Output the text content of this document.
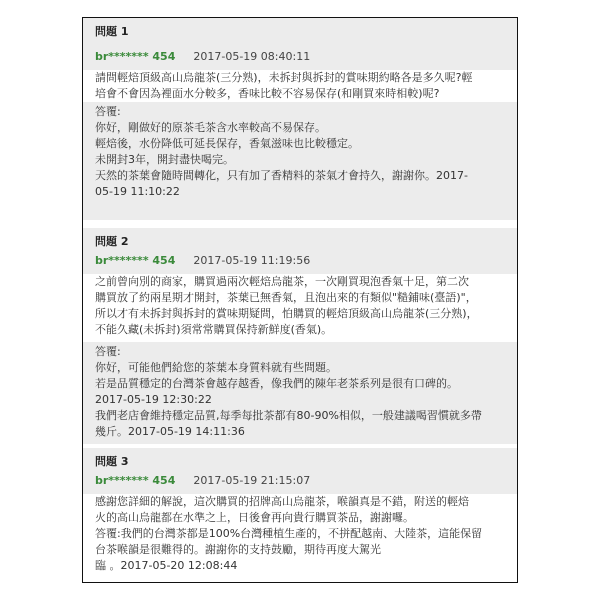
問題 1
br******* 454 2017-05-19 08:40:11
請問輕焙頂級高山烏龍茶(三分熟)，未拆封與拆封的賞味期約略各是多久呢?輕
培會不會因為裡面水分較多，香味比較不容易保存(和剛買來時相較)呢?
答覆:
你好，剛做好的原茶毛茶含水率較高不易保存。
輕焙後，水份降低可延長保存，香氣滋味也比較穩定。
未開封3年，開封盡快喝完。
天然的茶葉會隨時間轉化，只有加了香精料的茶氣才會持久，謝謝你。2017-
05-19 11:10:22
問題 2
br******* 454 2017-05-19 11:19:56
之前曾向別的商家，購買過兩次輕焙烏龍茶，一次剛買現泡香氣十足，第二次
購買放了約兩星期才開封，茶葉已無香氣，且泡出來的有類似"糙鋪味(臺語)"，
所以才有未拆封與拆封的賞味期疑問，怕購買的輕焙頂級高山烏龍茶(三分熟)，
不能久藏(未拆封)須常常購買保持新鮮度(香氣)。
答覆:
你好，可能他們給您的茶葉本身質料就有些問題。
若是品質穩定的台灣茶會越存越香，像我們的陳年老茶系列是很有口碑的。
2017-05-19 12:30:22
我們老店會維持穩定品質,每季每批茶都有80-90%相似，一般建議喝習慣就多帶
幾斤。2017-05-19 14:11:36
問題 3
br******* 454 2017-05-19 21:15:07
感謝您詳細的解說，這次購買的招牌高山烏龍茶，喉韻真是不錯，附送的輕焙
火的高山烏龍都在水準之上，日後會再向貴行購買茶品，謝謝囉。
答覆:我們的台灣茶都是100%台灣種植生產的，不拼配越南、大陸茶，這能保留
台茶喉韻是很難得的。謝謝你的支持鼓勵，期待再度大駕光
臨 。2017-05-20 12:08:44
